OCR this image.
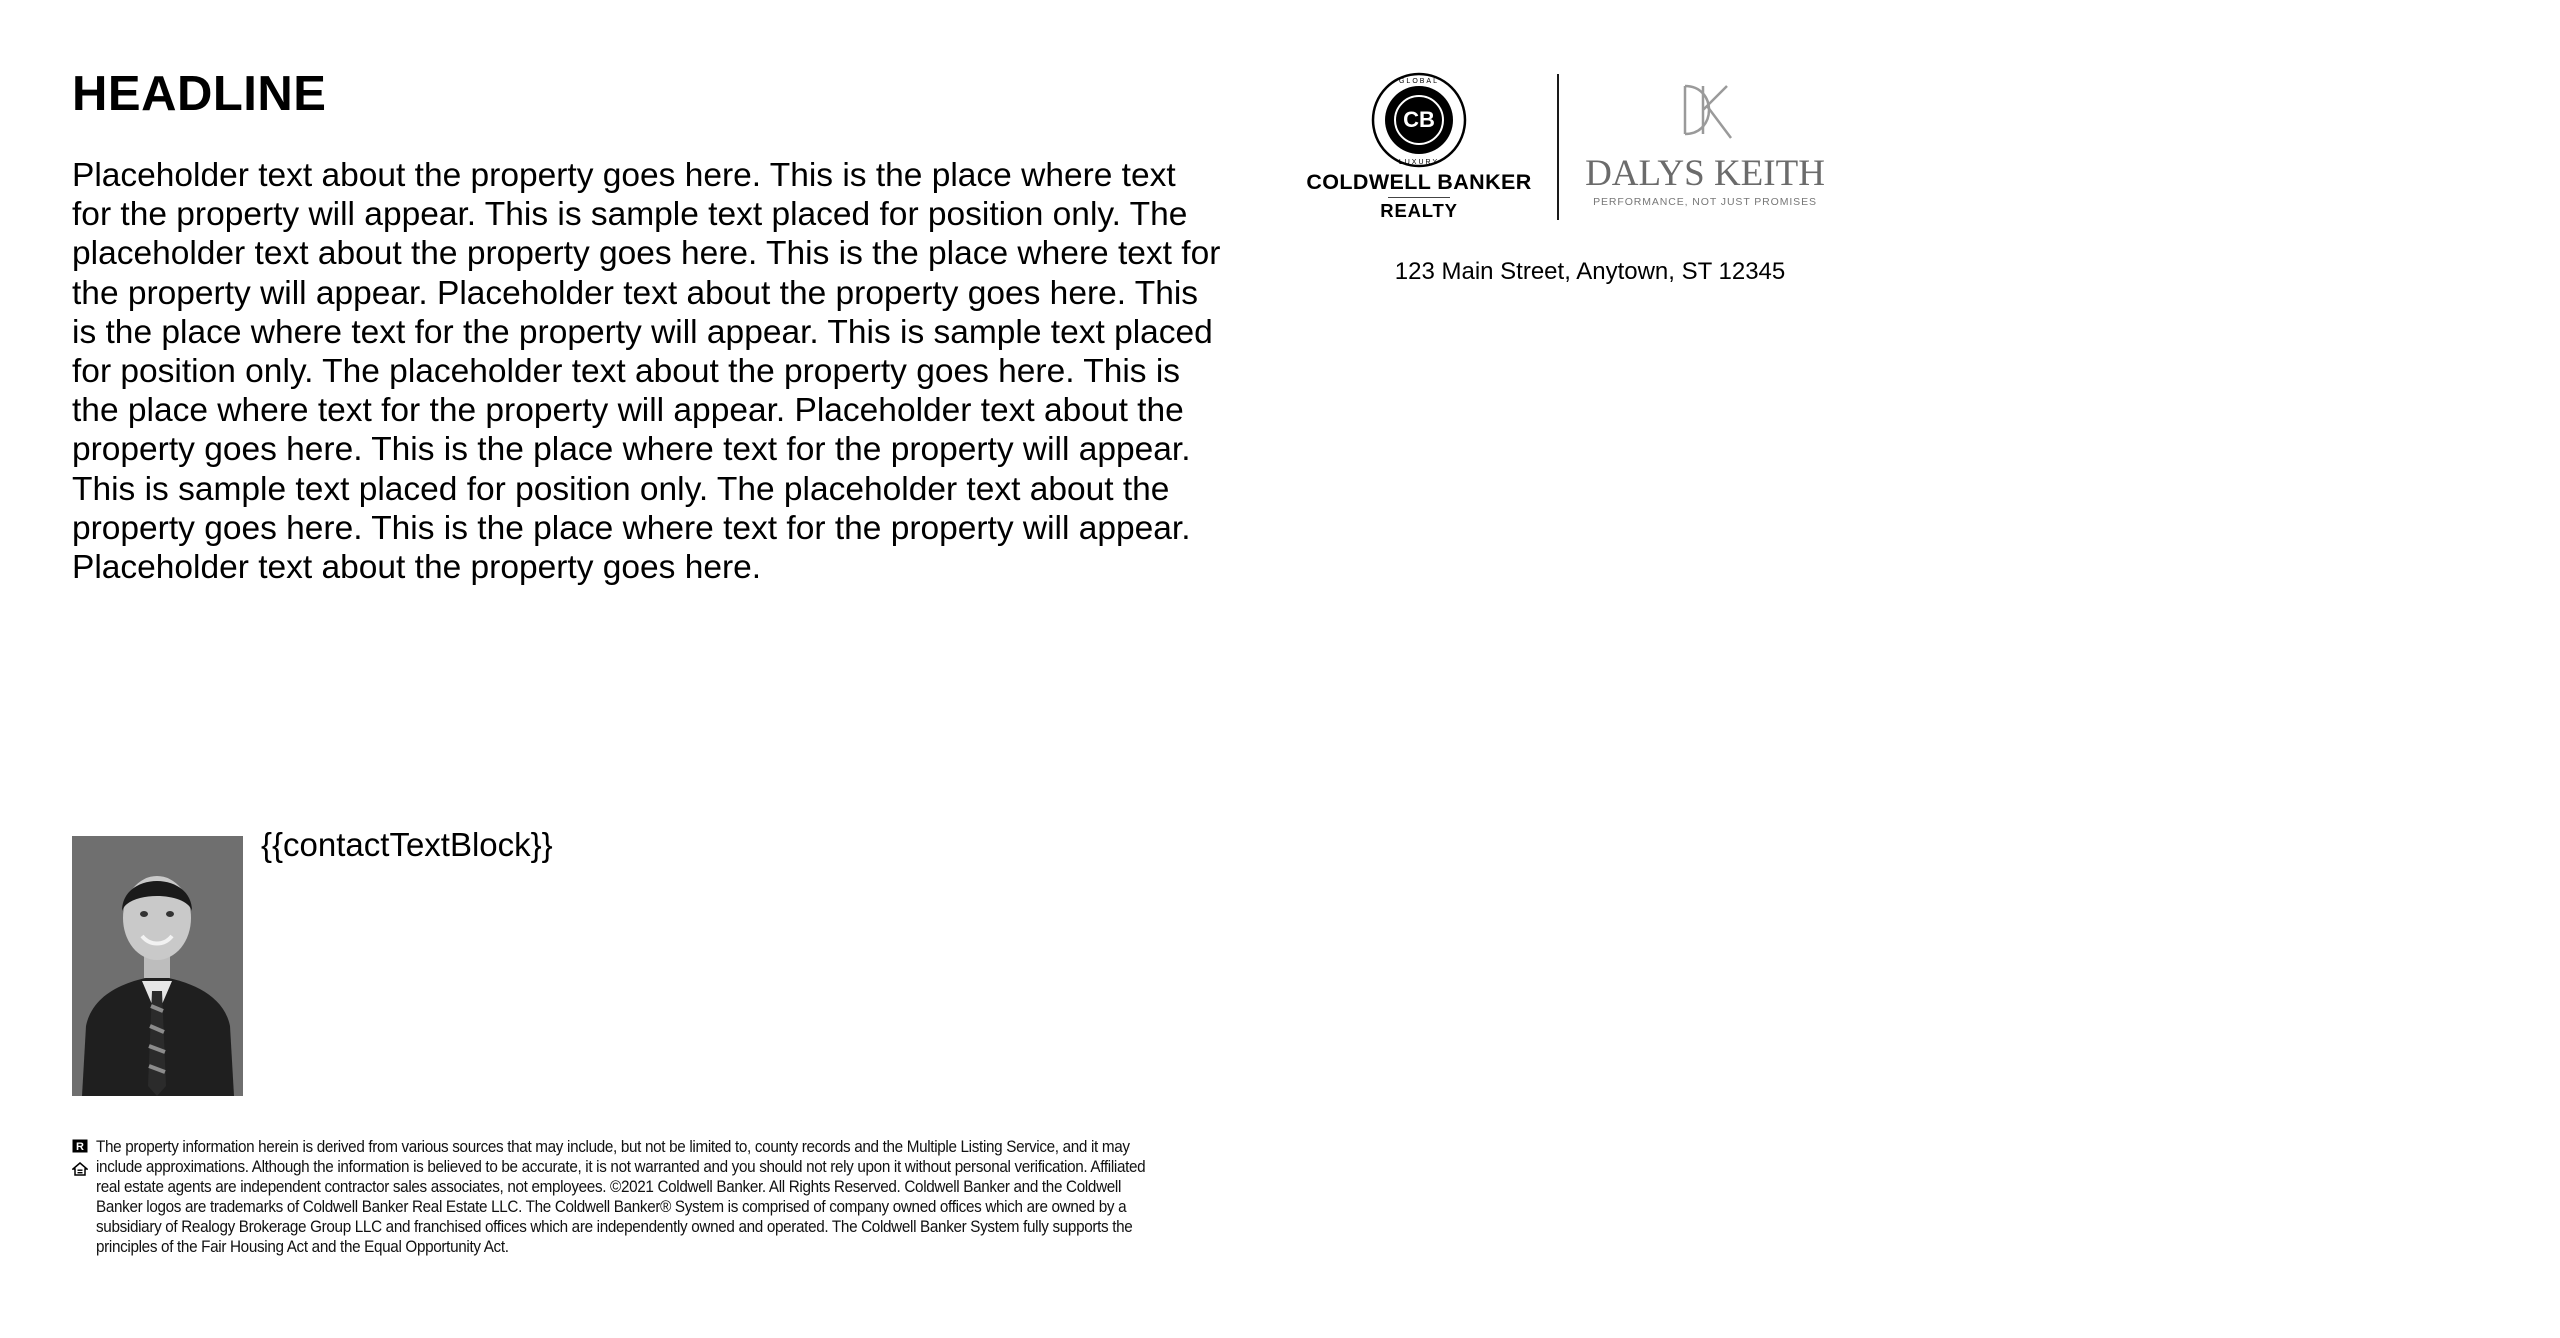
HEADLINE

Placeholder text about the property goes here. This is the place where text for the property will appear. This is sample text placed for position only. The placeholder text about the property goes here. This is the place where text for the property will appear. Placeholder text about the property goes here. This is the place where text for the property will appear. This is sample text placed for position only. The placeholder text about the property goes here. This is the place where text for the property will appear. Placeholder text about the property goes here. This is the place where text for the property will appear. This is sample text placed for position only. The placeholder text about the property goes here. This is the place where text for the property will appear. Placeholder text about the property goes here.

CB
GLOBAL
LUXURY
COLDWELL BANKER
REALTY
DALYS KEITH
PERFORMANCE, NOT JUST PROMISES
123 Main Street, Anytown, ST 12345
{{contactTextBlock}}
R
The property information herein is derived from various sources that may include, but not be limited to, county records and the Multiple Listing Service, and it may include approximations. Although the information is believed to be accurate, it is not warranted and you should not rely upon it without personal verification. Affiliated real estate agents are independent contractor sales associates, not employees. ©2021 Coldwell Banker. All Rights Reserved. Coldwell Banker and the Coldwell Banker logos are trademarks of Coldwell Banker Real Estate LLC. The Coldwell Banker® System is comprised of company owned offices which are owned by a subsidiary of Realogy Brokerage Group LLC and franchised offices which are independently owned and operated. The Coldwell Banker System fully supports the principles of the Fair Housing Act and the Equal Opportunity Act.
